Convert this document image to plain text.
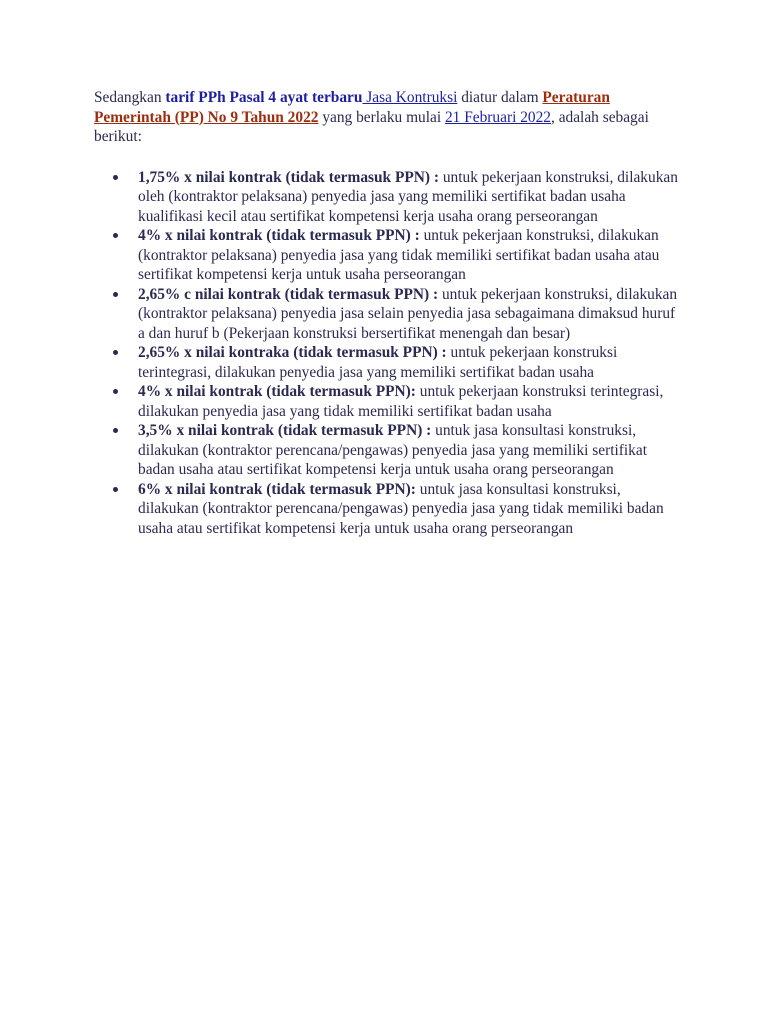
Sedangkan tarif PPh Pasal 4 ayat terbaru Jasa Kontruksi diatur dalam Peraturan Pemerintah (PP) No 9 Tahun 2022 yang berlaku mulai 21 Februari 2022, adalah sebagai berikut:

1,75% x nilai kontrak (tidak termasuk PPN) : untuk pekerjaan konstruksi, dilakukan oleh (kontraktor pelaksana) penyedia jasa yang memiliki sertifikat badan usaha kualifikasi kecil atau sertifikat kompetensi kerja usaha orang perseorangan
4% x nilai kontrak (tidak termasuk PPN) : untuk pekerjaan konstruksi, dilakukan (kontraktor pelaksana) penyedia jasa yang tidak memiliki sertifikat badan usaha atau sertifikat kompetensi kerja untuk usaha perseorangan
2,65% c nilai kontrak (tidak termasuk PPN) : untuk pekerjaan konstruksi, dilakukan (kontraktor pelaksana) penyedia jasa selain penyedia jasa sebagaimana dimaksud huruf a dan huruf b (Pekerjaan konstruksi bersertifikat menengah dan besar)
2,65% x nilai kontraka (tidak termasuk PPN) : untuk pekerjaan konstruksi terintegrasi, dilakukan penyedia jasa yang memiliki sertifikat badan usaha
4% x nilai kontrak (tidak termasuk PPN): untuk pekerjaan konstruksi terintegrasi, dilakukan penyedia jasa yang tidak memiliki sertifikat badan usaha
3,5% x nilai kontrak (tidak termasuk PPN) : untuk jasa konsultasi konstruksi, dilakukan (kontraktor perencana/pengawas) penyedia jasa yang memiliki sertifikat badan usaha atau sertifikat kompetensi kerja untuk usaha orang perseorangan
6% x nilai kontrak (tidak termasuk PPN): untuk jasa konsultasi konstruksi, dilakukan (kontraktor perencana/pengawas) penyedia jasa yang tidak memiliki badan usaha atau sertifikat kompetensi kerja untuk usaha orang perseorangan
